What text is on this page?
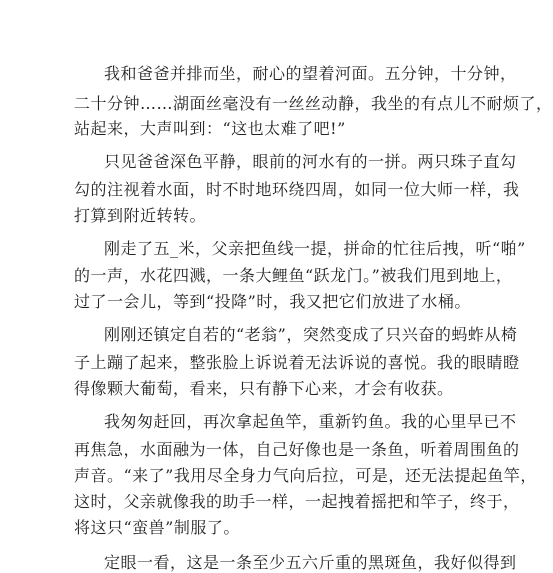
我和爸爸并排而坐，耐心的望着河面。五分钟，十分钟，
二十分钟……湖面丝毫没有一丝丝动静，我坐的有点儿不耐烦了，
站起来，大声叫到：“这也太难了吧!”
只见爸爸深色平静，眼前的河水有的一拼。两只珠子直勾
勾的注视着水面，时不时地环绕四周，如同一位大师一样，我
打算到附近转转。
刚走了五_米，父亲把鱼线一提，拼命的忙往后拽，听“啪”
的一声，水花四溅，一条大鲤鱼“跃龙门。”被我们甩到地上，
过了一会儿，等到“投降”时，我又把它们放进了水桶。
刚刚还镇定自若的“老翁”，突然变成了只兴奋的蚂蚱从椅
子上蹦了起来，整张脸上诉说着无法诉说的喜悦。我的眼睛瞪
得像颗大葡萄，看来，只有静下心来，才会有收获。
我匆匆赶回，再次拿起鱼竿，重新钓鱼。我的心里早已不
再焦急，水面融为一体，自己好像也是一条鱼，听着周围鱼的
声音。“来了”我用尽全身力气向后拉，可是，还无法提起鱼竿，
这时，父亲就像我的助手一样，一起拽着摇把和竿子，终于，
将这只“蛮兽”制服了。
定眼一看，这是一条至少五六斤重的黑斑鱼，我好似得到
